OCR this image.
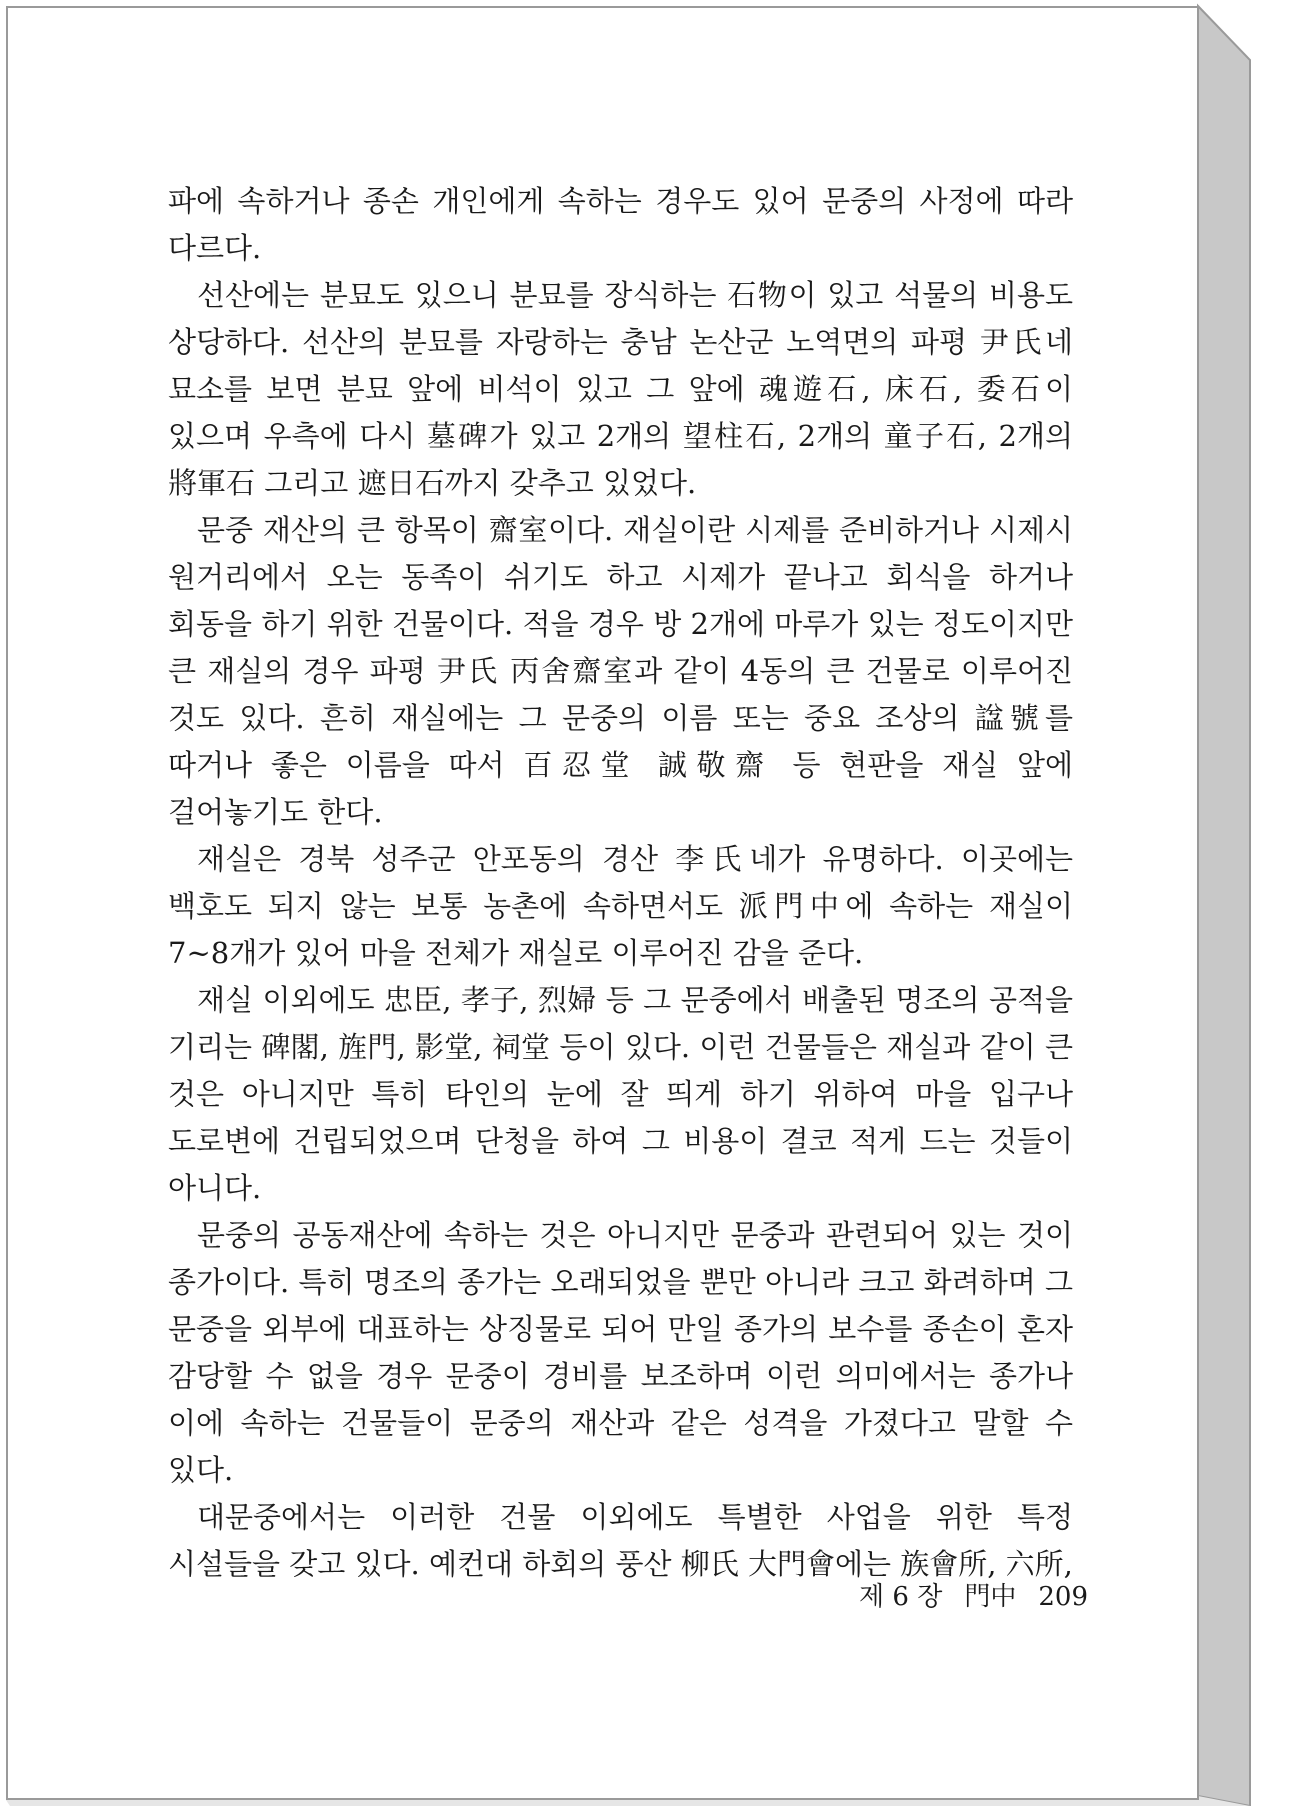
파에 속하거나 종손 개인에게 속하는 경우도 있어 문중의 사정에 따라 다르다.

선산에는 분묘도 있으니 분묘를 장식하는 石物이 있고 석물의 비용도 상당하다. 선산의 분묘를 자랑하는 충남 논산군 노역면의 파평 尹氏네 묘소를 보면 분묘 앞에 비석이 있고 그 앞에 魂遊石, 床石, 委石이 있으며 우측에 다시 墓碑가 있고 2개의 望柱石, 2개의 童子石, 2개의 將軍石 그리고 遮日石까지 갖추고 있었다.

문중 재산의 큰 항목이 齋室이다. 재실이란 시제를 준비하거나 시제시 원거리에서 오는 동족이 쉬기도 하고 시제가 끝나고 회식을 하거나 회동을 하기 위한 건물이다. 적을 경우 방 2개에 마루가 있는 정도이지만 큰 재실의 경우 파평 尹氏 丙舍齋室과 같이 4동의 큰 건물로 이루어진 것도 있다. 흔히 재실에는 그 문중의 이름 또는 중요 조상의 諡號를 따거나 좋은 이름을 따서 百忍堂 誠敬齋 등 현판을 재실 앞에 걸어놓기도 한다.

재실은 경북 성주군 안포동의 경산 李氏네가 유명하다. 이곳에는 백호도 되지 않는 보통 농촌에 속하면서도 派門中에 속하는 재실이 7~8개가 있어 마을 전체가 재실로 이루어진 감을 준다.

재실 이외에도 忠臣, 孝子, 烈婦 등 그 문중에서 배출된 명조의 공적을 기리는 碑閣, 旌門, 影堂, 祠堂 등이 있다. 이런 건물들은 재실과 같이 큰 것은 아니지만 특히 타인의 눈에 잘 띄게 하기 위하여 마을 입구나 도로변에 건립되었으며 단청을 하여 그 비용이 결코 적게 드는 것들이 아니다.

문중의 공동재산에 속하는 것은 아니지만 문중과 관련되어 있는 것이 종가이다. 특히 명조의 종가는 오래되었을 뿐만 아니라 크고 화려하며 그 문중을 외부에 대표하는 상징물로 되어 만일 종가의 보수를 종손이 혼자 감당할 수 없을 경우 문중이 경비를 보조하며 이런 의미에서는 종가나 이에 속하는 건물들이 문중의 재산과 같은 성격을 가졌다고 말할 수 있다.

대문중에서는 이러한 건물 이외에도 특별한 사업을 위한 특정 시설들을 갖고 있다. 예컨대 하회의 풍산 柳氏 大門會에는 族會所, 六所,

제 6 장 門中 209
